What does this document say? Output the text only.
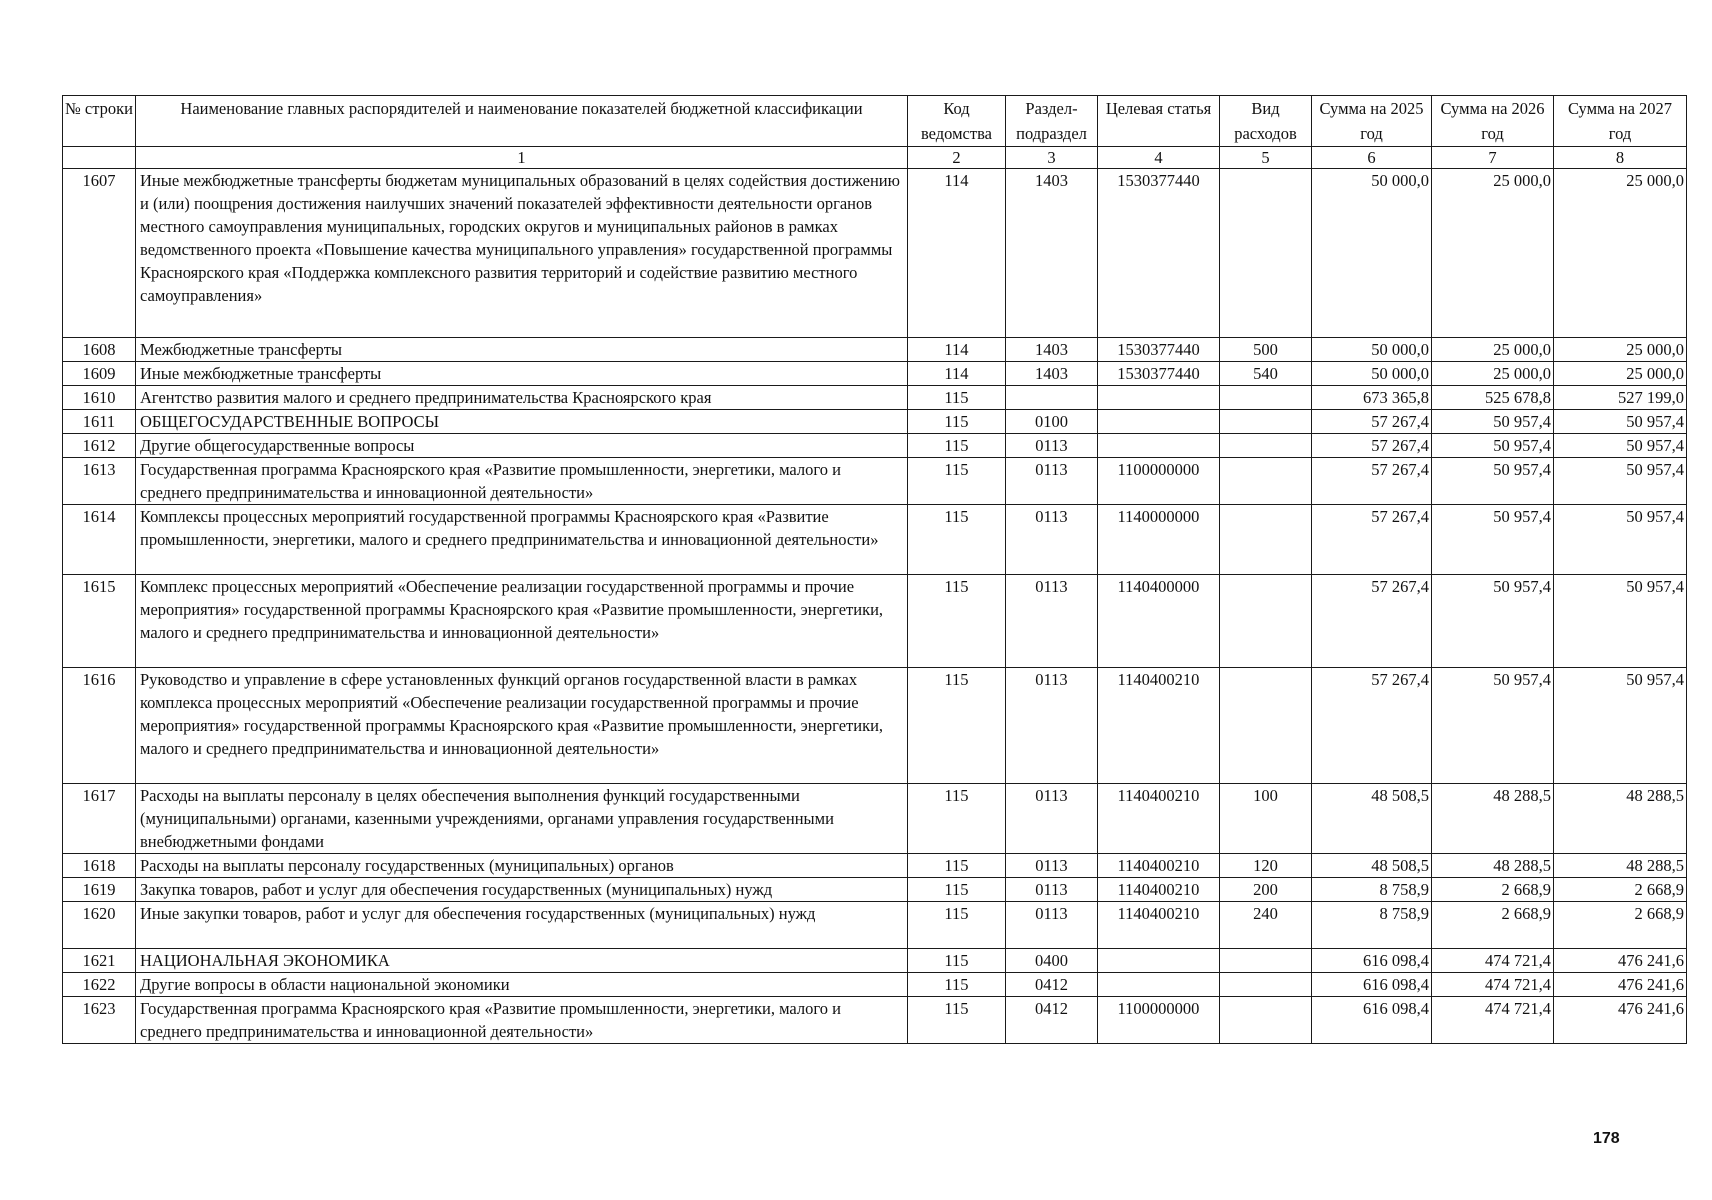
№ строки	Наименование главных распорядителей и наименование показателей бюджетной классификации	Код ведомства	Раздел-подраздел	Целевая статья	Вид расходов	Сумма на 2025 год	Сумма на 2026 год	Сумма на 2027 год
	1	2	3	4	5	6	7	8
1607	Иные межбюджетные трансферты бюджетам муниципальных образований в целях содействия достижению и (или) поощрения достижения наилучших значений показателей эффективности деятельности органов местного самоуправления муниципальных, городских округов и муниципальных районов в рамках ведомственного проекта «Повышение качества муниципального управления» государственной программы Красноярского края «Поддержка комплексного развития территорий и содействие развитию местного самоуправления»	114	1403	1530377440		50 000,0	25 000,0	25 000,0
1608	Межбюджетные трансферты	114	1403	1530377440	500	50 000,0	25 000,0	25 000,0
1609	Иные межбюджетные трансферты	114	1403	1530377440	540	50 000,0	25 000,0	25 000,0
1610	Агентство развития малого и среднего предпринимательства Красноярского края	115				673 365,8	525 678,8	527 199,0
1611	ОБЩЕГОСУДАРСТВЕННЫЕ ВОПРОСЫ	115	0100			57 267,4	50 957,4	50 957,4
1612	Другие общегосударственные вопросы	115	0113			57 267,4	50 957,4	50 957,4
1613	Государственная программа Красноярского края «Развитие промышленности, энергетики, малого и среднего предпринимательства и инновационной деятельности»	115	0113	1100000000		57 267,4	50 957,4	50 957,4
1614	Комплексы процессных мероприятий государственной программы Красноярского края «Развитие промышленности, энергетики, малого и среднего предпринимательства и инновационной деятельности»	115	0113	1140000000		57 267,4	50 957,4	50 957,4
1615	Комплекс процессных мероприятий «Обеспечение реализации государственной программы и прочие мероприятия» государственной программы Красноярского края «Развитие промышленности, энергетики, малого и среднего предпринимательства и инновационной деятельности»	115	0113	1140400000		57 267,4	50 957,4	50 957,4
1616	Руководство и управление в сфере установленных функций органов государственной власти в рамках комплекса процессных мероприятий «Обеспечение реализации государственной программы и прочие мероприятия» государственной программы Красноярского края «Развитие промышленности, энергетики, малого и среднего предпринимательства и инновационной деятельности»	115	0113	1140400210		57 267,4	50 957,4	50 957,4
1617	Расходы на выплаты персоналу в целях обеспечения выполнения функций государственными (муниципальными) органами, казенными учреждениями, органами управления государственными внебюджетными фондами	115	0113	1140400210	100	48 508,5	48 288,5	48 288,5
1618	Расходы на выплаты персоналу государственных (муниципальных) органов	115	0113	1140400210	120	48 508,5	48 288,5	48 288,5
1619	Закупка товаров, работ и услуг для обеспечения государственных (муниципальных) нужд	115	0113	1140400210	200	8 758,9	2 668,9	2 668,9
1620	Иные закупки товаров, работ и услуг для обеспечения государственных (муниципальных) нужд	115	0113	1140400210	240	8 758,9	2 668,9	2 668,9
1621	НАЦИОНАЛЬНАЯ ЭКОНОМИКА	115	0400			616 098,4	474 721,4	476 241,6
1622	Другие вопросы в области национальной экономики	115	0412			616 098,4	474 721,4	476 241,6
1623	Государственная программа Красноярского края «Развитие промышленности, энергетики, малого и среднего предпринимательства и инновационной деятельности»	115	0412	1100000000		616 098,4	474 721,4	476 241,6
178
